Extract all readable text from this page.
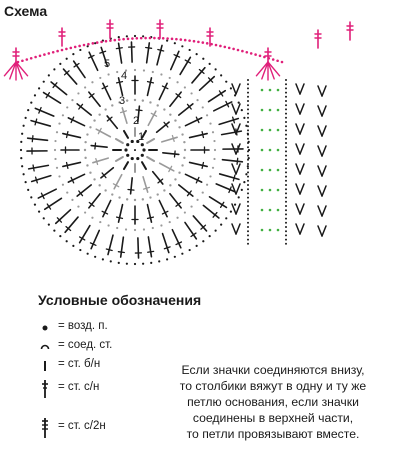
Схема
1
2
3
4
5
Условные обозначения
= возд. п.
= соед. ст.
= ст. б/н
= ст. с/н
= ст. с/2н
Если значки соединяются внизу,
то столбики вяжут в одну и ту же
петлю основания, если значки
соединены в верхней части,
то петли провязывают вместе.
